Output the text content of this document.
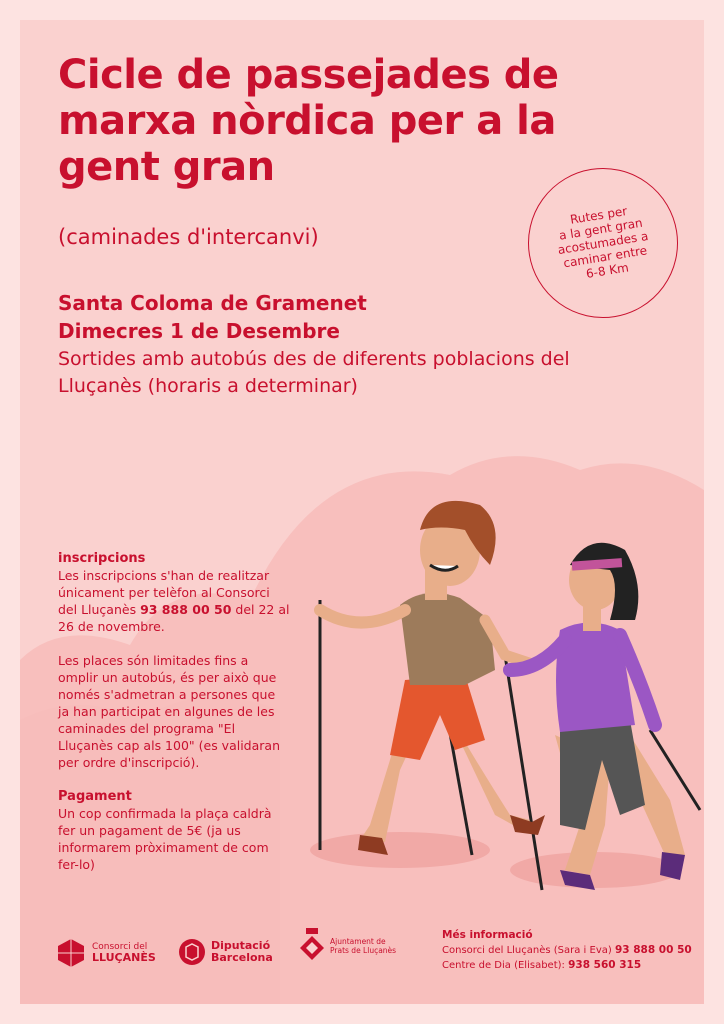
Cicle de passejades de marxa nòrdica per a la gent gran
(caminades d'intercanvi)
Rutes per
a la gent gran
acostumades a
caminar entre
6-8 Km
Santa Coloma de Gramenet
Dimecres 1 de Desembre
Sortides amb autobús des de diferents poblacions del Lluçanès (horaris a determinar)
inscripcions

Les inscripcions s'han de realitzar únicament per telèfon al Consorci del Lluçanès 93 888 00 50 del 22 al 26 de novembre.

Les places són limitades fins a omplir un autobús, és per això que només s'admetran a persones que ja han participat en algunes de les caminades del programa "El Lluçanès cap als 100" (es validaran per ordre d'inscripció).

Pagament

Un cop confirmada la plaça caldrà fer un pagament de 5€ (ja us informarem pròximament de com fer-lo)

Consorci del
LLUÇANÈS
Diputació
Barcelona
Ajuntament de
Prats de Lluçanès
Més informació
Consorci del Lluçanès (Sara i Eva) 93 888 00 50
Centre de Dia (Elisabet): 938 560 315
